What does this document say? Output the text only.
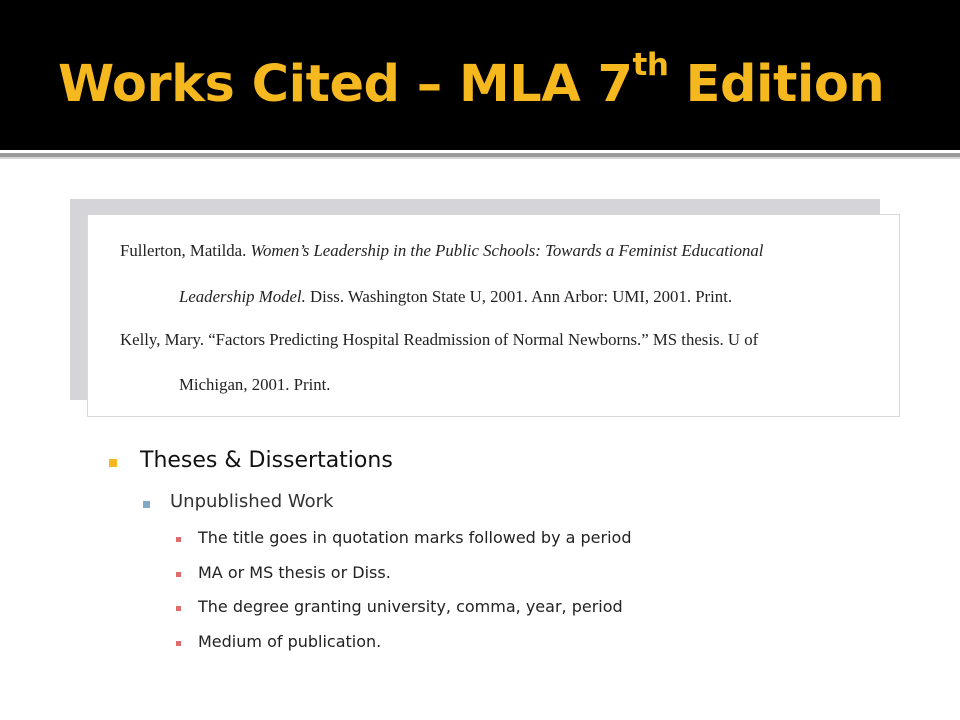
Works Cited – MLA 7th Edition

Fullerton, Matilda. Women’s Leadership in the Public Schools: Towards a Feminist Educational

Leadership Model. Diss. Washington State U, 2001. Ann Arbor: UMI, 2001. Print.

Kelly, Mary. “Factors Predicting Hospital Readmission of Normal Newborns.” MS thesis. U of

Michigan, 2001. Print.

Theses & Dissertations
Unpublished Work
The title goes in quotation marks followed by a period
MA or MS thesis or Diss.
The degree granting university, comma, year, period
Medium of publication.
